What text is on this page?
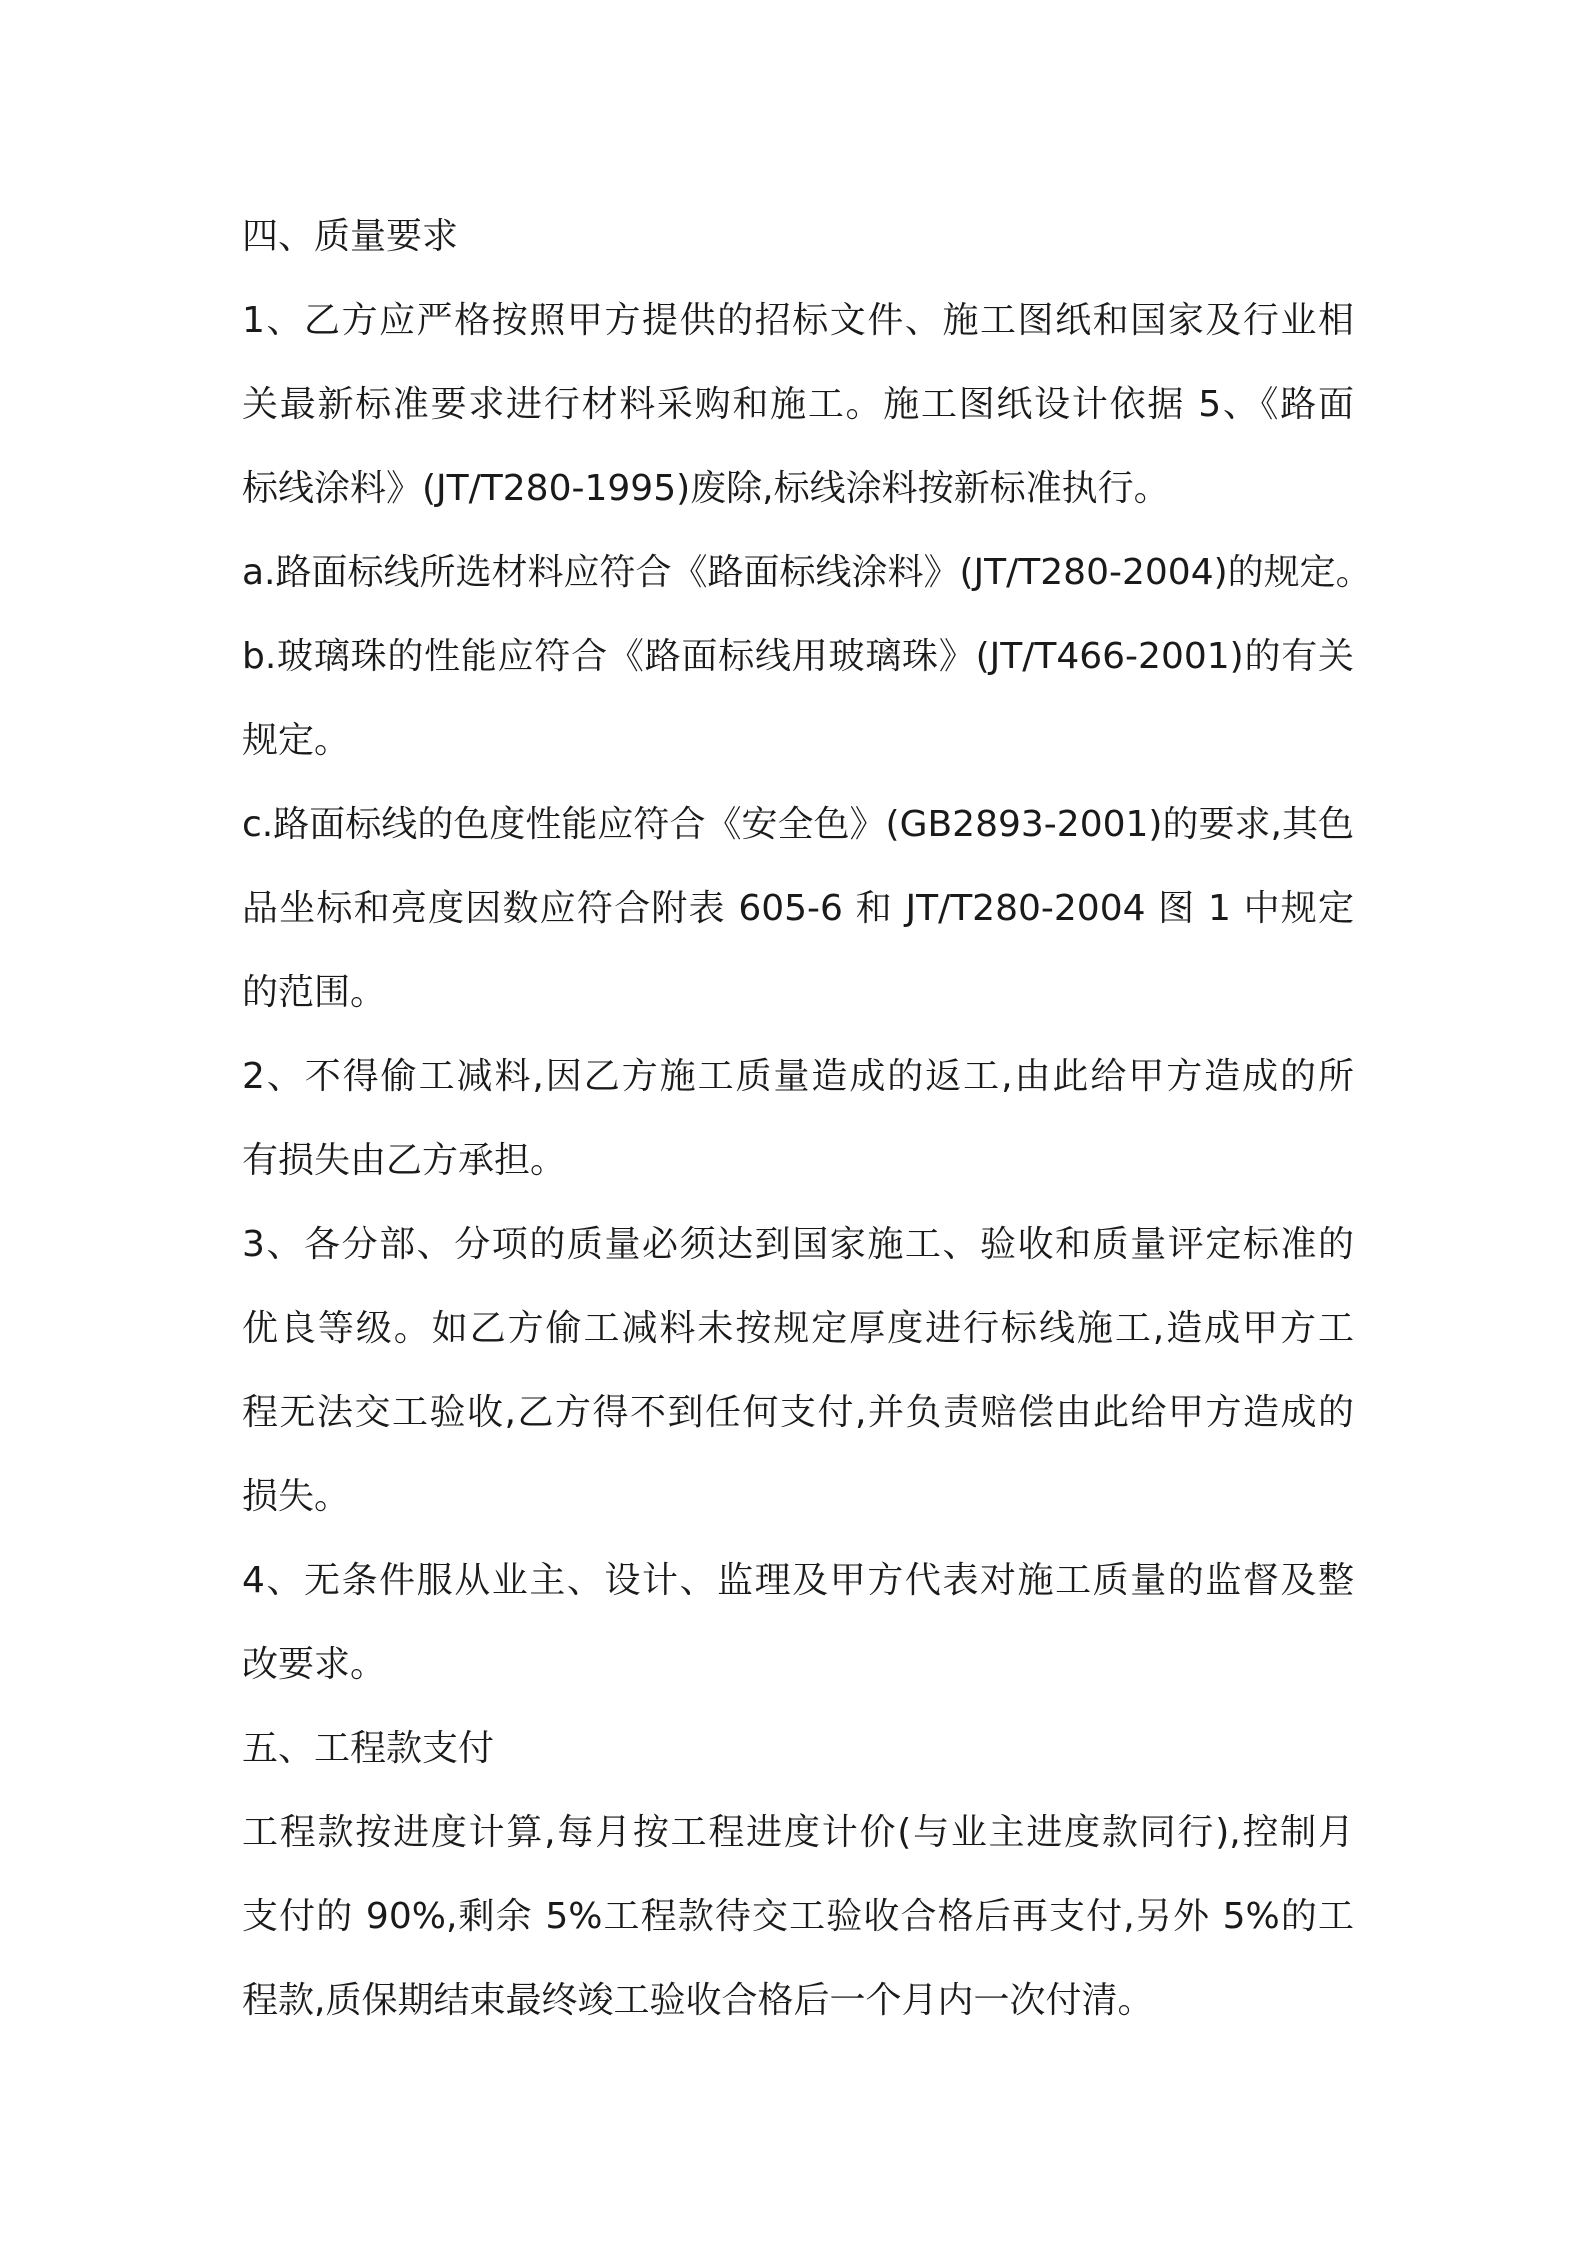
四、质量要求
1、乙方应严格按照甲方提供的招标文件、施工图纸和国家及行业相
关最新标准要求进行材料采购和施工。施工图纸设计依据 5、《路面
标线涂料》(JT/T280-1995)废除,标线涂料按新标准执行。
a.路面标线所选材料应符合《路面标线涂料》(JT/T280-2004)的规定。
b.玻璃珠的性能应符合《路面标线用玻璃珠》(JT/T466-2001)的有关
规定。
c.路面标线的色度性能应符合《安全色》(GB2893-2001)的要求,其色
品坐标和亮度因数应符合附表 605-6 和 JT/T280-2004 图 1 中规定
的范围。
2、不得偷工减料,因乙方施工质量造成的返工,由此给甲方造成的所
有损失由乙方承担。
3、各分部、分项的质量必须达到国家施工、验收和质量评定标准的
优良等级。如乙方偷工减料未按规定厚度进行标线施工,造成甲方工
程无法交工验收,乙方得不到任何支付,并负责赔偿由此给甲方造成的
损失。
4、无条件服从业主、设计、监理及甲方代表对施工质量的监督及整
改要求。
五、工程款支付
工程款按进度计算,每月按工程进度计价(与业主进度款同行),控制月
支付的 90%,剩余 5%工程款待交工验收合格后再支付,另外 5%的工
程款,质保期结束最终竣工验收合格后一个月内一次付清。
